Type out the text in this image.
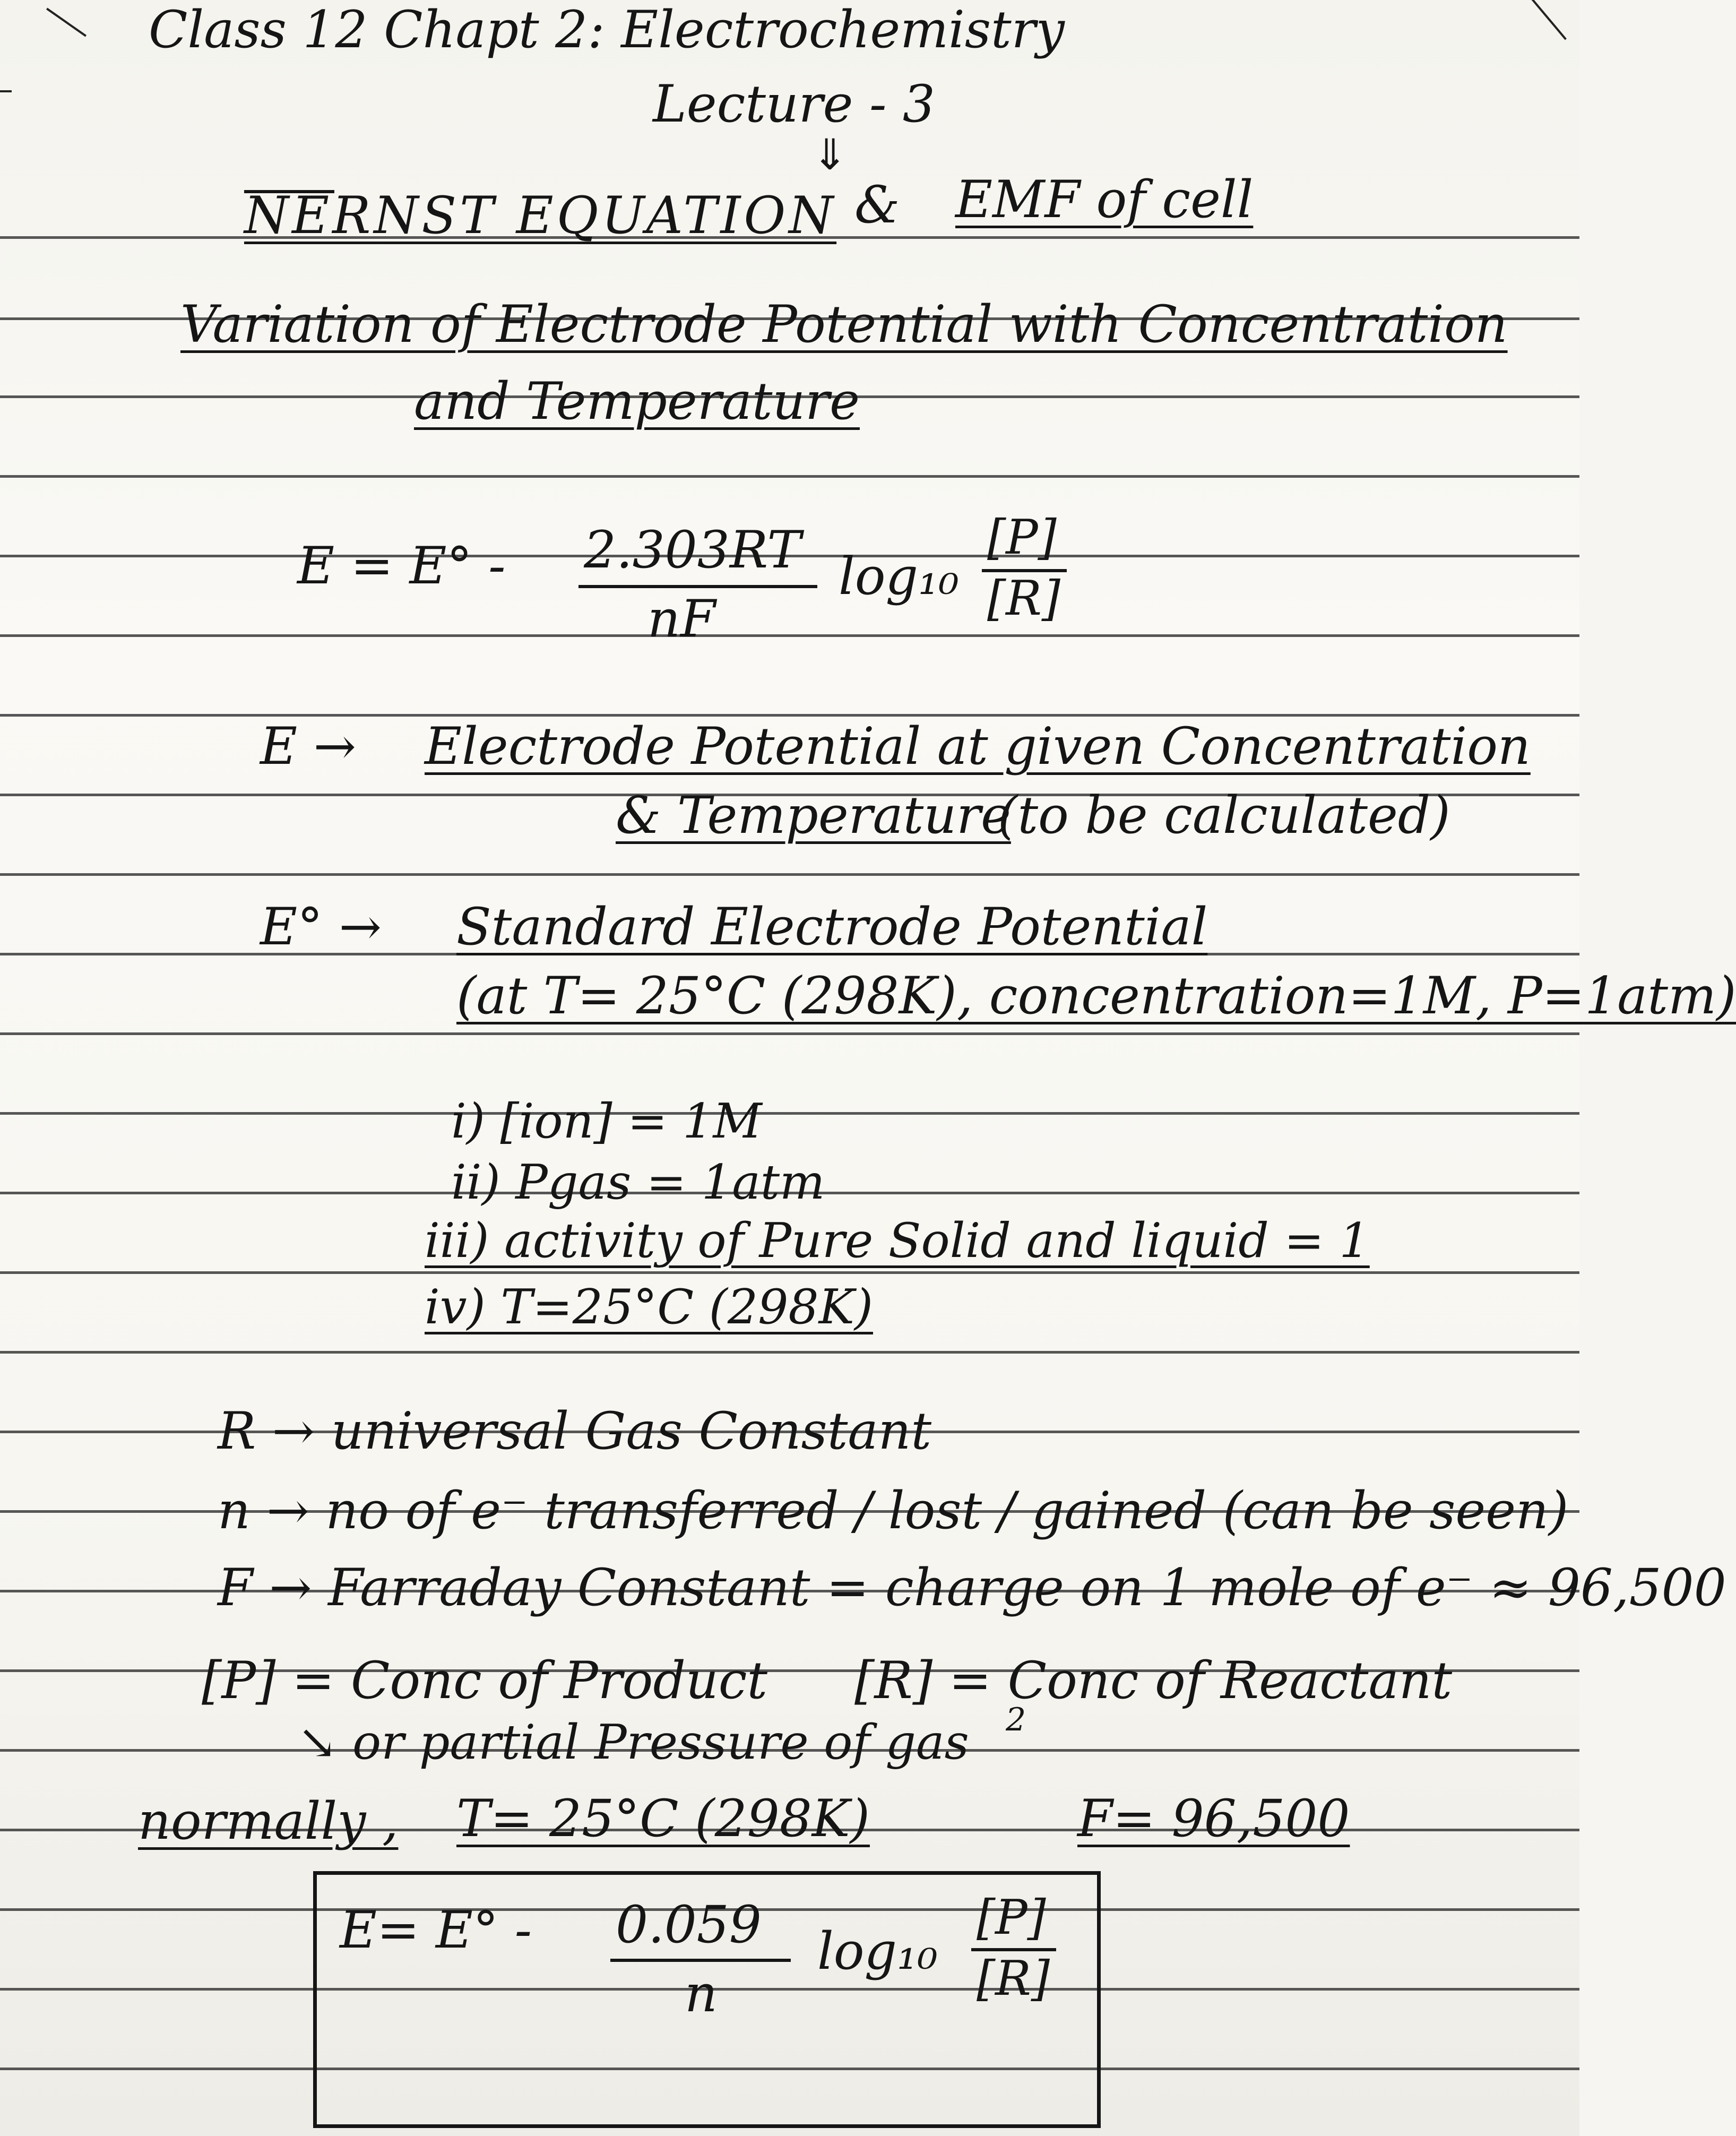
Class 12 Chapt 2: Electrochemistry
Lecture - 3
⇓
NERNST EQUATION & EMF of cell
Variation of Electrode Potential with Concentration
and Temperature
E = E° - 2.303RT
nF
log₁₀
[P]
[R]
E → Electrode Potential at given Concentration
& Temperature
(to be calculated)
E° → Standard Electrode Potential
(at T= 25°C (298K), concentration=1M, P=1atm)
i) [ion] = 1M
ii) Pgas = 1atm
iii) activity of Pure Solid and liquid = 1
iv) T=25°C (298K)
R → universal Gas Constant
n → no of e⁻ transferred / lost / gained (can be seen)
F → Farraday Constant = charge on 1 mole of e⁻ ≈ 96,500
[P] = Conc of Product [R] = Conc of Reactant
↘ or partial Pressure of gas 2
normally , T= 25°C (298K)	F= 96,500
E= E° - 0.059
n
log₁₀
[P]
[R]
